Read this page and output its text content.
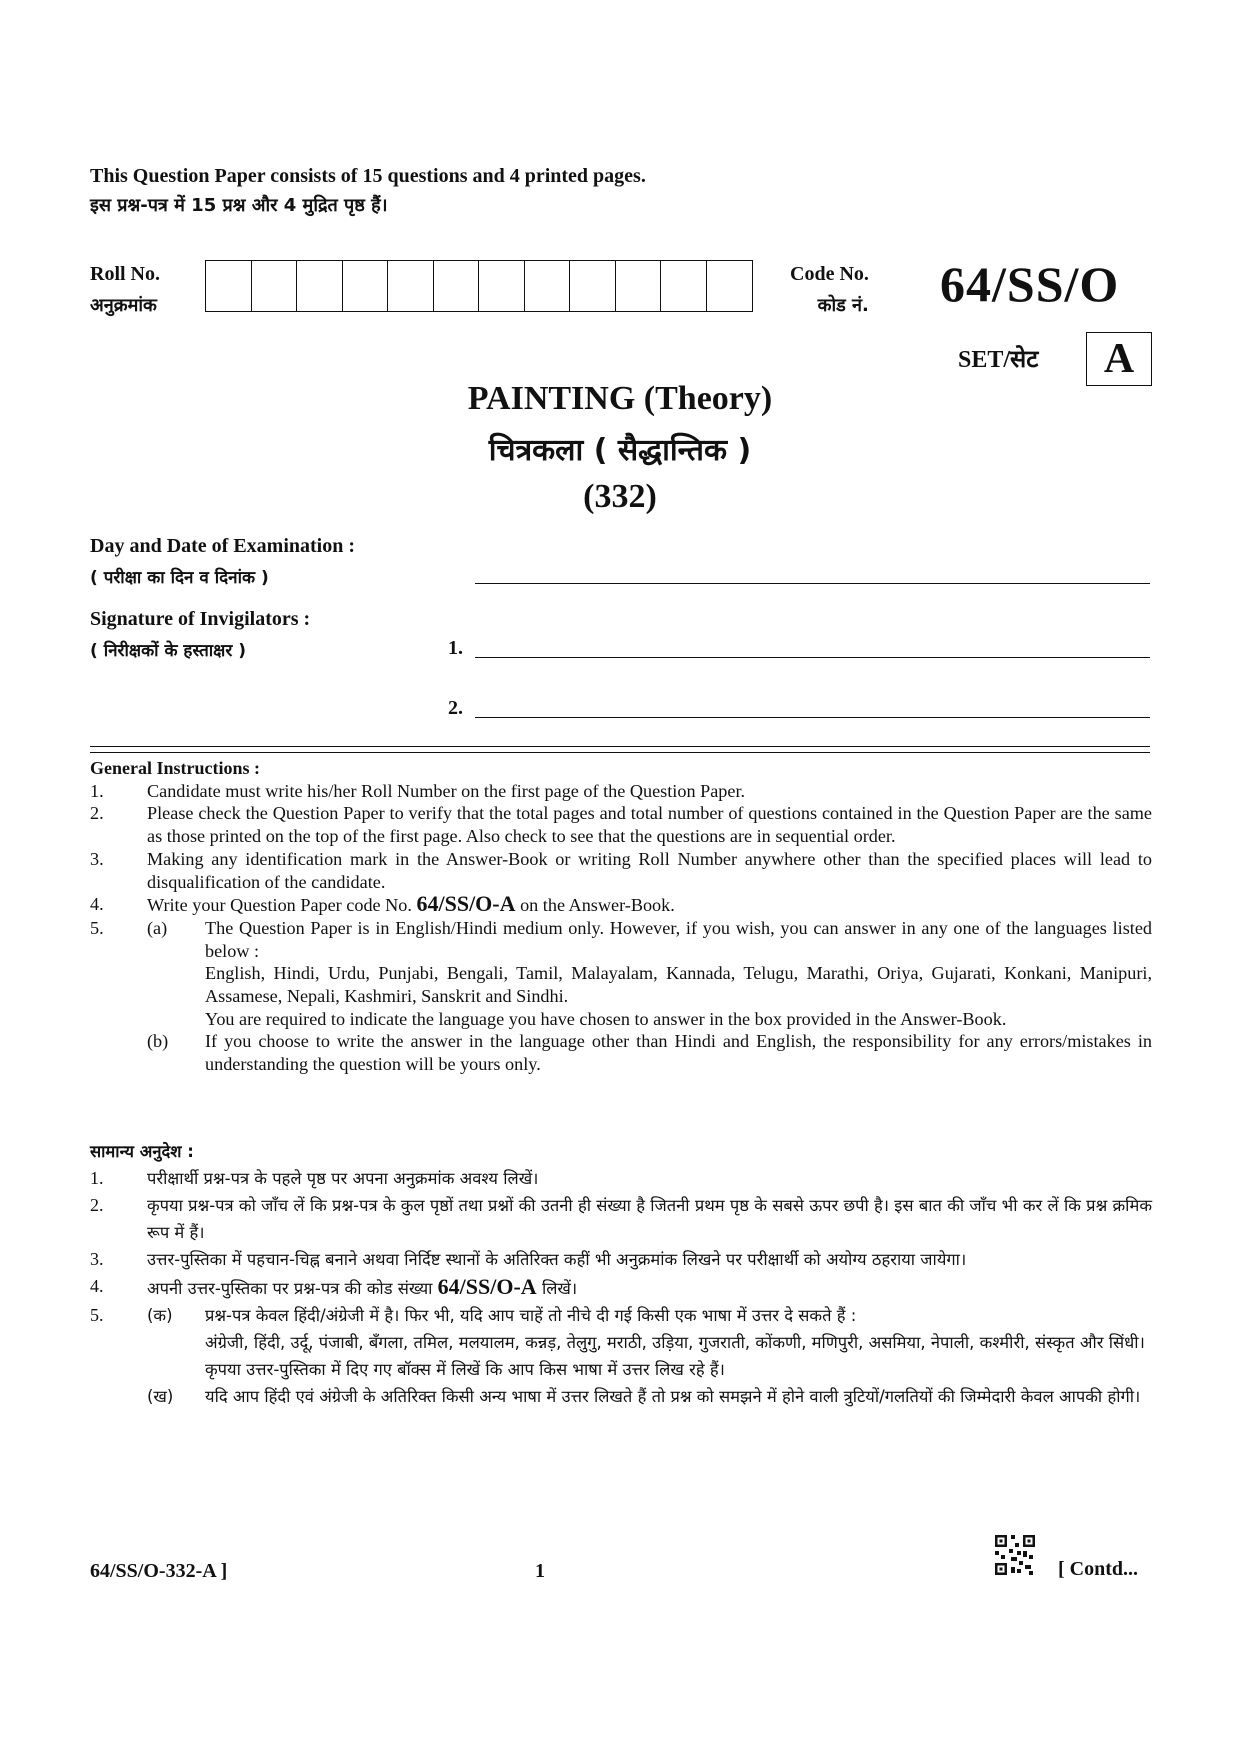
This Question Paper consists of 15 questions and 4 printed pages.
इस प्रश्न-पत्र में 15 प्रश्न और 4 मुद्रित पृष्ठ हैं।
Roll No.
अनुक्रमांक
Code No.
कोड नं. 64/SS/O
SET/सेट	A
PAINTING (Theory)
चित्रकला ( सैद्धान्तिक )
(332)
Day and Date of Examination :
( परीक्षा का दिन व दिनांक )
Signature of Invigilators :
( निरीक्षकों के हस्ताक्षर )	1.
2.
General Instructions :
1.	Candidate must write his/her Roll Number on the first page of the Question Paper.
2.	Please check the Question Paper to verify that the total pages and total number of questions contained in the Question Paper are the same as those printed on the top of the first page. Also check to see that the questions are in sequential order.
3.	Making any identification mark in the Answer-Book or writing Roll Number anywhere other than the specified places will lead to disqualification of the candidate.
4.	Write your Question Paper code No. 64/SS/O-A on the Answer-Book.
5.	(a)	The Question Paper is in English/Hindi medium only. However, if you wish, you can answer in any one of the languages listed below :
English, Hindi, Urdu, Punjabi, Bengali, Tamil, Malayalam, Kannada, Telugu, Marathi, Oriya, Gujarati, Konkani, Manipuri, Assamese, Nepali, Kashmiri, Sanskrit and Sindhi.
You are required to indicate the language you have chosen to answer in the box provided in the Answer-Book.
(b)	If you choose to write the answer in the language other than Hindi and English, the responsibility for any errors/mistakes in understanding the question will be yours only.
सामान्य अनुदेश :
1.	परीक्षार्थी प्रश्न-पत्र के पहले पृष्ठ पर अपना अनुक्रमांक अवश्य लिखें।
2.	कृपया प्रश्न-पत्र को जाँच लें कि प्रश्न-पत्र के कुल पृष्ठों तथा प्रश्नों की उतनी ही संख्या है जितनी प्रथम पृष्ठ के सबसे ऊपर छपी है। इस बात की जाँच भी कर लें कि प्रश्न क्रमिक रूप में हैं।
3.	उत्तर-पुस्तिका में पहचान-चिह्न बनाने अथवा निर्दिष्ट स्थानों के अतिरिक्त कहीं भी अनुक्रमांक लिखने पर परीक्षार्थी को अयोग्य ठहराया जायेगा।
4.	अपनी उत्तर-पुस्तिका पर प्रश्न-पत्र की कोड संख्या 64/SS/O-A लिखें।
5.	(क)	प्रश्न-पत्र केवल हिंदी/अंग्रेजी में है। फिर भी, यदि आप चाहें तो नीचे दी गई किसी एक भाषा में उत्तर दे सकते हैं :
अंग्रेजी, हिंदी, उर्दू, पंजाबी, बँगला, तमिल, मलयालम, कन्नड़, तेलुगु, मराठी, उड़िया, गुजराती, कोंकणी, मणिपुरी, असमिया, नेपाली, कश्मीरी, संस्कृत और सिंधी।
कृपया उत्तर-पुस्तिका में दिए गए बॉक्स में लिखें कि आप किस भाषा में उत्तर लिख रहे हैं।
(ख)	यदि आप हिंदी एवं अंग्रेजी के अतिरिक्त किसी अन्य भाषा में उत्तर लिखते हैं तो प्रश्न को समझने में होने वाली त्रुटियों/गलतियों की जिम्मेदारी केवल आपकी होगी।
64/SS/O-332-A ]	1	[ Contd...
